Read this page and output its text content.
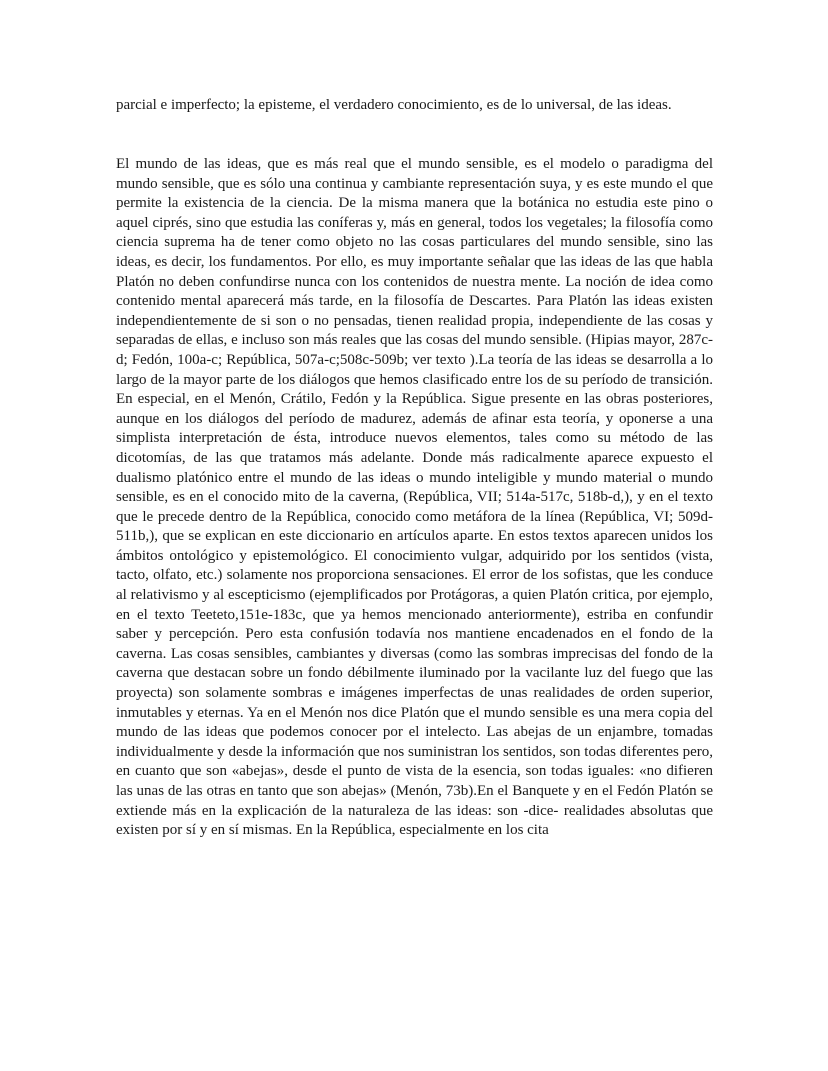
parcial e imperfecto; la episteme, el verdadero conocimiento, es de lo universal, de las ideas.

El mundo de las ideas, que es más real que el mundo sensible, es el modelo o paradigma del mundo sensible, que es sólo una continua y cambiante representación suya, y es este mundo el que permite la existencia de la ciencia. De la misma manera que la botánica no estudia este pino o aquel ciprés, sino que estudia las coníferas y, más en general, todos los vegetales; la filosofía como ciencia suprema ha de tener como objeto no las cosas particulares del mundo sensible, sino las ideas, es decir, los fundamentos. Por ello, es muy importante señalar que las ideas de las que habla Platón no deben confundirse nunca con los contenidos de nuestra mente. La noción de idea como contenido mental aparecerá más tarde, en la filosofía de Descartes. Para Platón las ideas existen independientemente de si son o no pensadas, tienen realidad propia, independiente de las cosas y separadas de ellas, e incluso son más reales que las cosas del mundo sensible. (Hipias mayor, 287c-d; Fedón, 100a-c; República, 507a-c;508c-509b; ver texto ).La teoría de las ideas se desarrolla a lo largo de la mayor parte de los diálogos que hemos clasificado entre los de su período de transición. En especial, en el Menón, Crátilo, Fedón y la República. Sigue presente en las obras posteriores, aunque en los diálogos del período de madurez, además de afinar esta teoría, y oponerse a una simplista interpretación de ésta, introduce nuevos elementos, tales como su método de las dicotomías, de las que tratamos más adelante. Donde más radicalmente aparece expuesto el dualismo platónico entre el mundo de las ideas o mundo inteligible y mundo material o mundo sensible, es en el conocido mito de la caverna, (República, VII; 514a-517c, 518b-d,), y en el texto que le precede dentro de la República, conocido como metáfora de la línea (República, VI; 509d-511b,), que se explican en este diccionario en artículos aparte. En estos textos aparecen unidos los ámbitos ontológico y epistemológico. El conocimiento vulgar, adquirido por los sentidos (vista, tacto, olfato, etc.) solamente nos proporciona sensaciones. El error de los sofistas, que les conduce al relativismo y al escepticismo (ejemplificados por Protágoras, a quien Platón critica, por ejemplo, en el texto Teeteto,151e-183c, que ya hemos mencionado anteriormente), estriba en confundir saber y percepción. Pero esta confusión todavía nos mantiene encadenados en el fondo de la caverna. Las cosas sensibles, cambiantes y diversas (como las sombras imprecisas del fondo de la caverna que destacan sobre un fondo débilmente iluminado por la vacilante luz del fuego que las proyecta) son solamente sombras e imágenes imperfectas de unas realidades de orden superior, inmutables y eternas. Ya en el Menón nos dice Platón que el mundo sensible es una mera copia del mundo de las ideas que podemos conocer por el intelecto. Las abejas de un enjambre, tomadas individualmente y desde la información que nos suministran los sentidos, son todas diferentes pero, en cuanto que son «abejas», desde el punto de vista de la esencia, son todas iguales: «no difieren las unas de las otras en tanto que son abejas» (Menón, 73b).En el Banquete y en el Fedón Platón se extiende más en la explicación de la naturaleza de las ideas: son -dice- realidades absolutas que existen por sí y en sí mismas. En la República, especialmente en los cita
